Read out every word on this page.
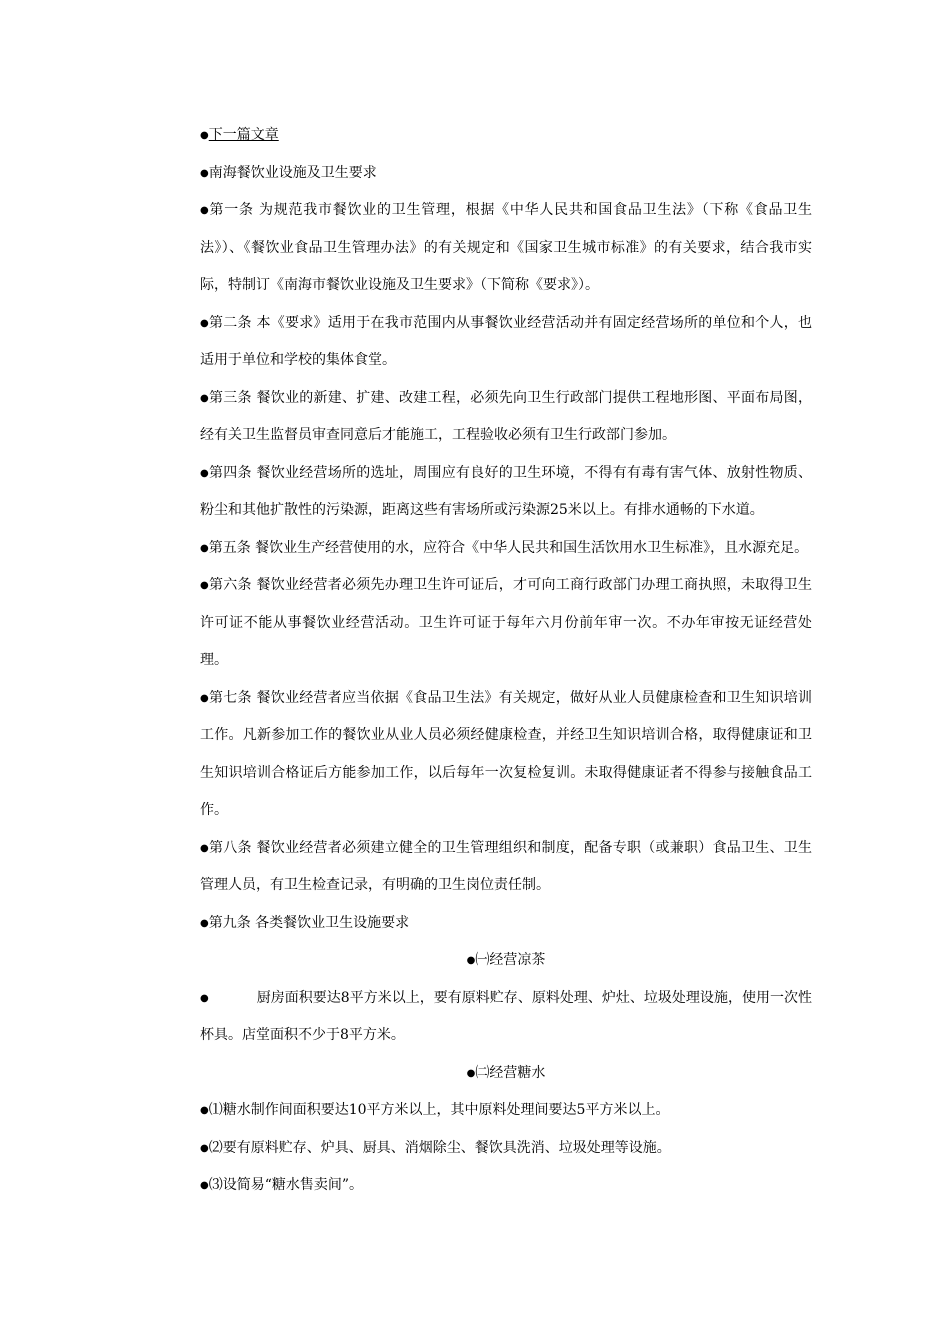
●下一篇文章

●南海餐饮业设施及卫生要求

●第一条 为规范我市餐饮业的卫生管理，根据《中华人民共和国食品卫生法》（下称《食品卫生法》）、《餐饮业食品卫生管理办法》的有关规定和《国家卫生城市标准》的有关要求，结合我市实际，特制订《南海市餐饮业设施及卫生要求》（下简称《要求》）。

●第二条 本《要求》适用于在我市范围内从事餐饮业经营活动并有固定经营场所的单位和个人，也适用于单位和学校的集体食堂。

●第三条 餐饮业的新建、扩建、改建工程，必须先向卫生行政部门提供工程地形图、平面布局图，经有关卫生监督员审查同意后才能施工，工程验收必须有卫生行政部门参加。

●第四条 餐饮业经营场所的选址，周围应有良好的卫生环境，不得有有毒有害气体、放射性物质、粉尘和其他扩散性的污染源，距离这些有害场所或污染源25米以上。有排水通畅的下水道。

●第五条 餐饮业生产经营使用的水，应符合《中华人民共和国生活饮用水卫生标准》，且水源充足。

●第六条 餐饮业经营者必须先办理卫生许可证后，才可向工商行政部门办理工商执照，未取得卫生许可证不能从事餐饮业经营活动。卫生许可证于每年六月份前年审一次。不办年审按无证经营处理。

●第七条 餐饮业经营者应当依据《食品卫生法》有关规定，做好从业人员健康检查和卫生知识培训工作。凡新参加工作的餐饮业从业人员必须经健康检查，并经卫生知识培训合格，取得健康证和卫生知识培训合格证后方能参加工作，以后每年一次复检复训。未取得健康证者不得参与接触食品工作。

●第八条 餐饮业经营者必须建立健全的卫生管理组织和制度，配备专职（或兼职）食品卫生、卫生管理人员，有卫生检查记录，有明确的卫生岗位责任制。

●第九条 各类餐饮业卫生设施要求

●㈠经营凉茶

●	厨房面积要达8平方米以上，要有原料贮存、原料处理、炉灶、垃圾处理设施，使用一次性杯具。店堂面积不少于8平方米。

●㈡经营糖水

●⑴糖水制作间面积要达10平方米以上，其中原料处理间要达5平方米以上。

●⑵要有原料贮存、炉具、厨具、消烟除尘、餐饮具洗消、垃圾处理等设施。

●⑶设简易“糖水售卖间”。
